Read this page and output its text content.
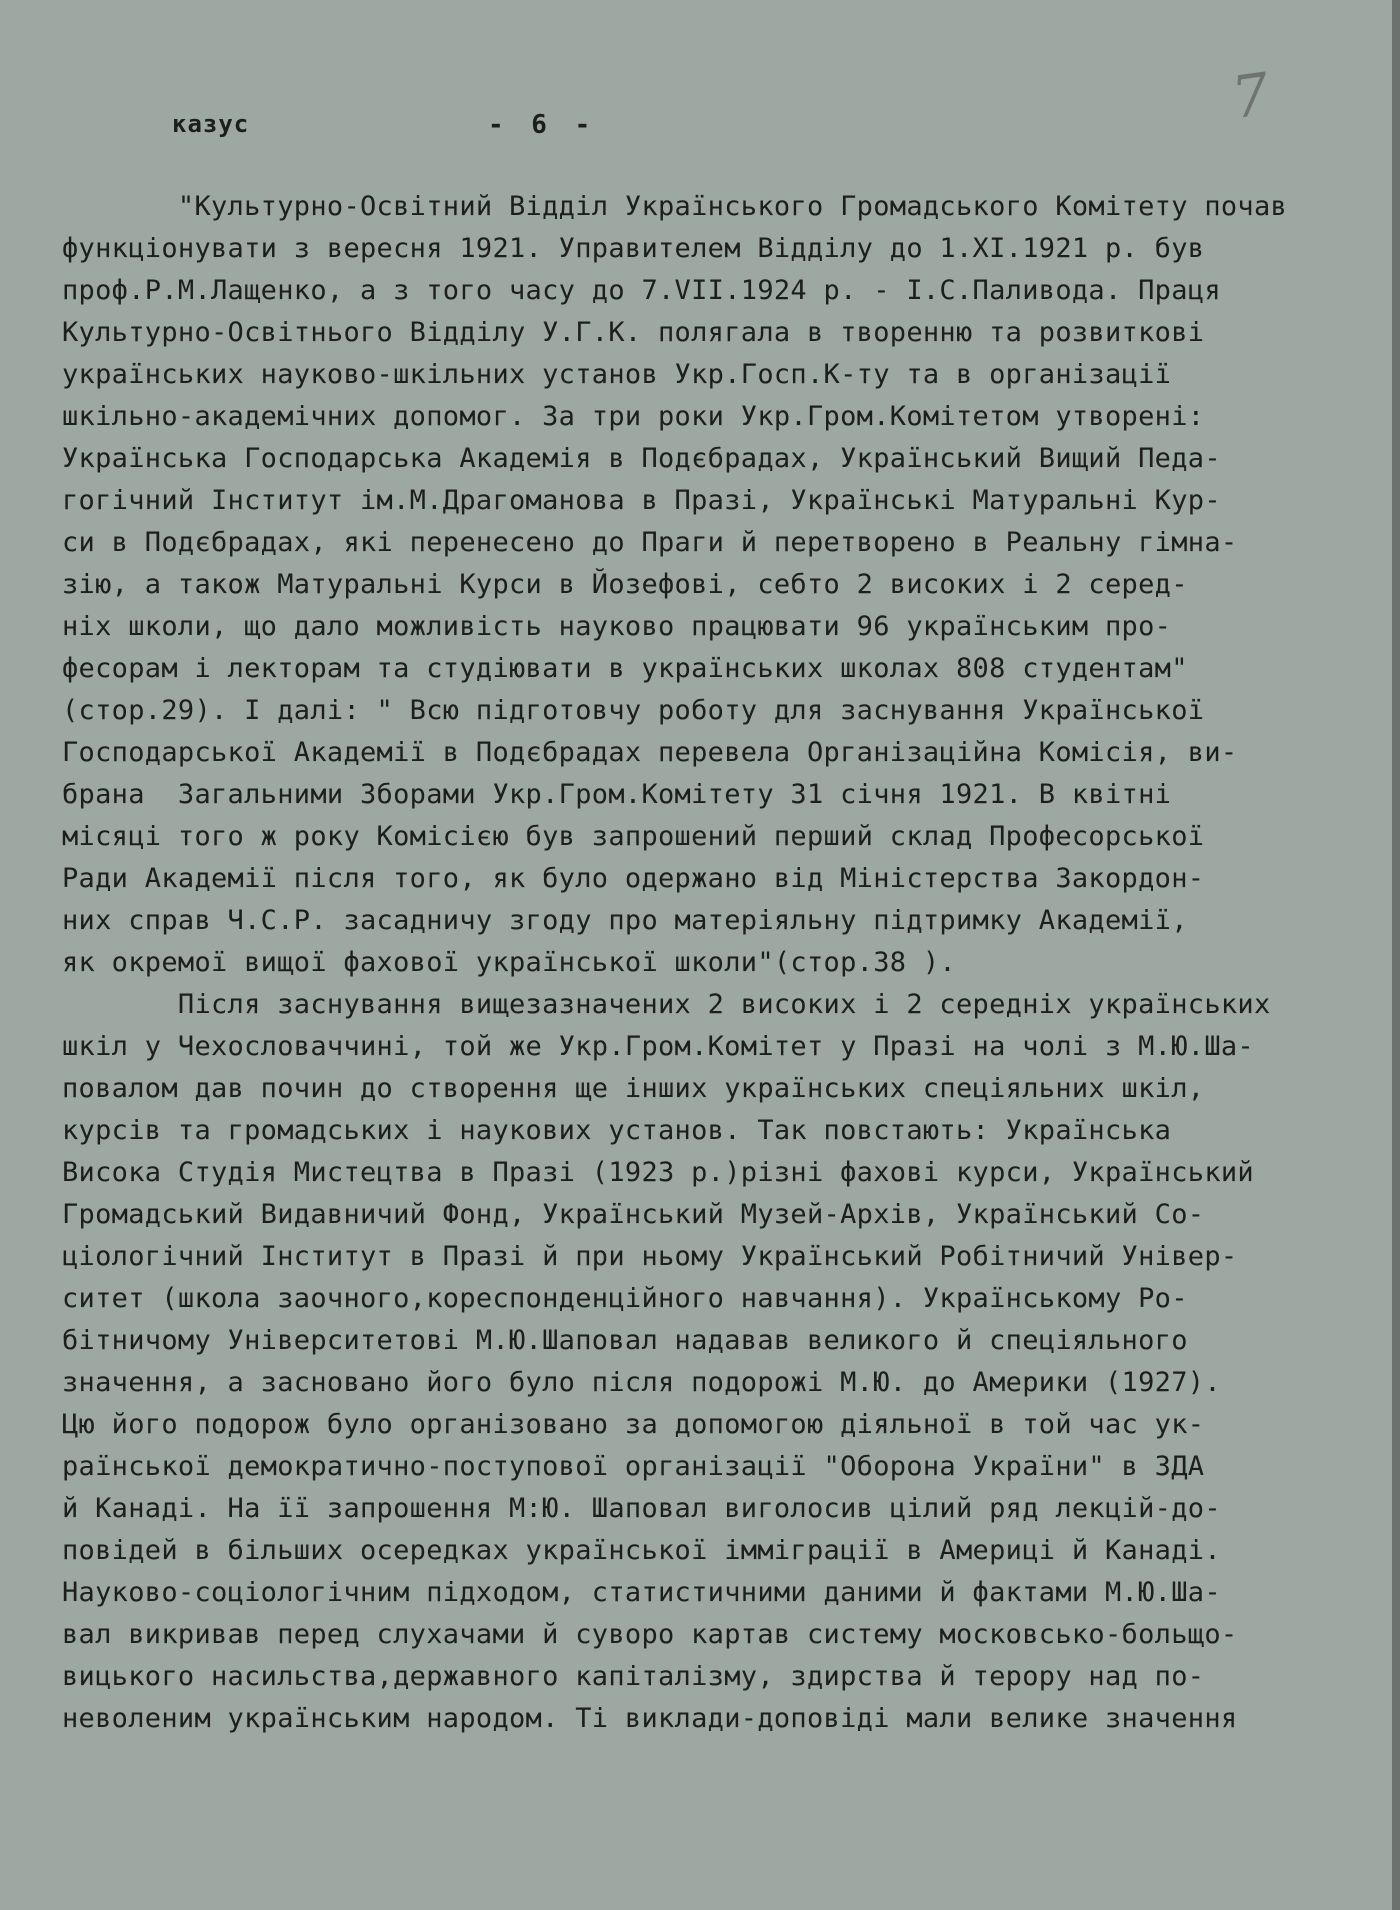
казус	- 6 -	7
"Культурно-Освітний Відділ Українського Громадського Комітету почав
функціонувати з вересня 1921. Управителем Відділу до 1.XI.1921 р. був
проф.Р.М.Лащенко, а з того часу до 7.VII.1924 р. - І.С.Паливода. Праця
Культурно-Освітнього Відділу У.Г.К. полягала в творенню та розвиткові
українських науково-шкільних установ Укр.Госп.К-ту та в організації
шкільно-академічних допомог. За три роки Укр.Гром.Комітетом утворені:
Українська Господарська Академія в Подєбрадах, Український Вищий Педа-
гогічний Інститут ім.М.Драгоманова в Празі, Українські Матуральні Кур-
си в Подєбрадах, які перенесено до Праги й перетворено в Реальну гімна-
зію, а також Матуральні Курси в Йозефові, себто 2 високих і 2 серед-
ніх школи, що дало можливість науково працювати 96 українським про-
фесорам і лекторам та студіювати в українських школах 808 студентам"
(стор.29). І далі: " Всю підготовчу роботу для заснування Української
Господарської Академії в Подєбрадах перевела Організаційна Комісія, ви-
брана  Загальними Зборами Укр.Гром.Комітету 31 січня 1921. В квітні
місяці того ж року Комісією був запрошений перший склад Професорської
Ради Академії після того, як було одержано від Міністерства Закордон-
них справ Ч.С.Р. засадничу згоду про матеріяльну підтримку Академії,
як окремої вищої фахової української школи"(стор.38 ).
Після заснування вищезазначених 2 високих і 2 середніх українських
шкіл у Чехословаччині, той же Укр.Гром.Комітет у Празі на чолі з М.Ю.Ша-
повалом дав почин до створення ще інших українських спеціяльних шкіл,
курсів та громадських і наукових установ. Так повстають: Українська
Висока Студія Мистецтва в Празі (1923 р.)різні фахові курси, Український
Громадський Видавничий Фонд, Український Музей-Архів, Український Со-
ціологічний Інститут в Празі й при ньому Український Робітничий Універ-
ситет (школа заочного,кореспонденційного навчання). Українському Ро-
бітничому Університетові М.Ю.Шаповал надавав великого й спеціяльного
значення, а засновано його було після подорожі М.Ю. до Америки (1927).
Цю його подорож було організовано за допомогою діяльної в той час ук-
раїнської демократично-поступової організації "Оборона України" в ЗДА
й Канаді. На її запрошення М:Ю. Шаповал виголосив цілий ряд лекцій-до-
повідей в більших осередках української імміграції в Америці й Канаді.
Науково-соціологічним підходом, статистичними даними й фактами М.Ю.Ша-
вал викривав перед слухачами й суворо картав систему московсько-больщо-
вицького насильства,державного капіталізму, здирства й терору над по-
неволеним українським народом. Ті виклади-доповіді мали велике значення
